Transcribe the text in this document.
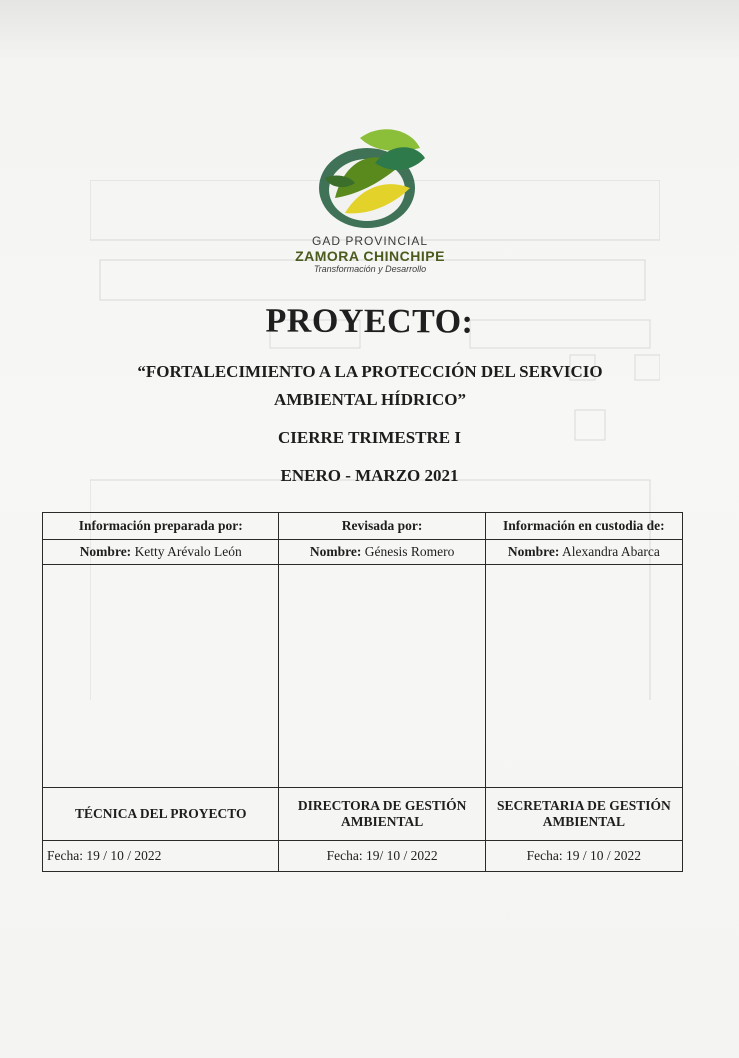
GAD PROVINCIAL
ZAMORA CHINCHIPE
Transformación y Desarrollo
PROYECTO:
“FORTALECIMIENTO A LA PROTECCIÓN DEL SERVICIO
AMBIENTAL HÍDRICO”
CIERRE TRIMESTRE I
ENERO - MARZO 2021
Información preparada por:	Revisada por:	Información en custodia de:
Nombre: Ketty Arévalo León	Nombre: Génesis Romero	Nombre: Alexandra Abarca

TÉCNICA DEL PROYECTO	DIRECTORA DE GESTIÓN AMBIENTAL	SECRETARIA DE GESTIÓN AMBIENTAL
Fecha: 19 / 10 / 2022	Fecha: 19/ 10 / 2022	Fecha: 19 / 10 / 2022
